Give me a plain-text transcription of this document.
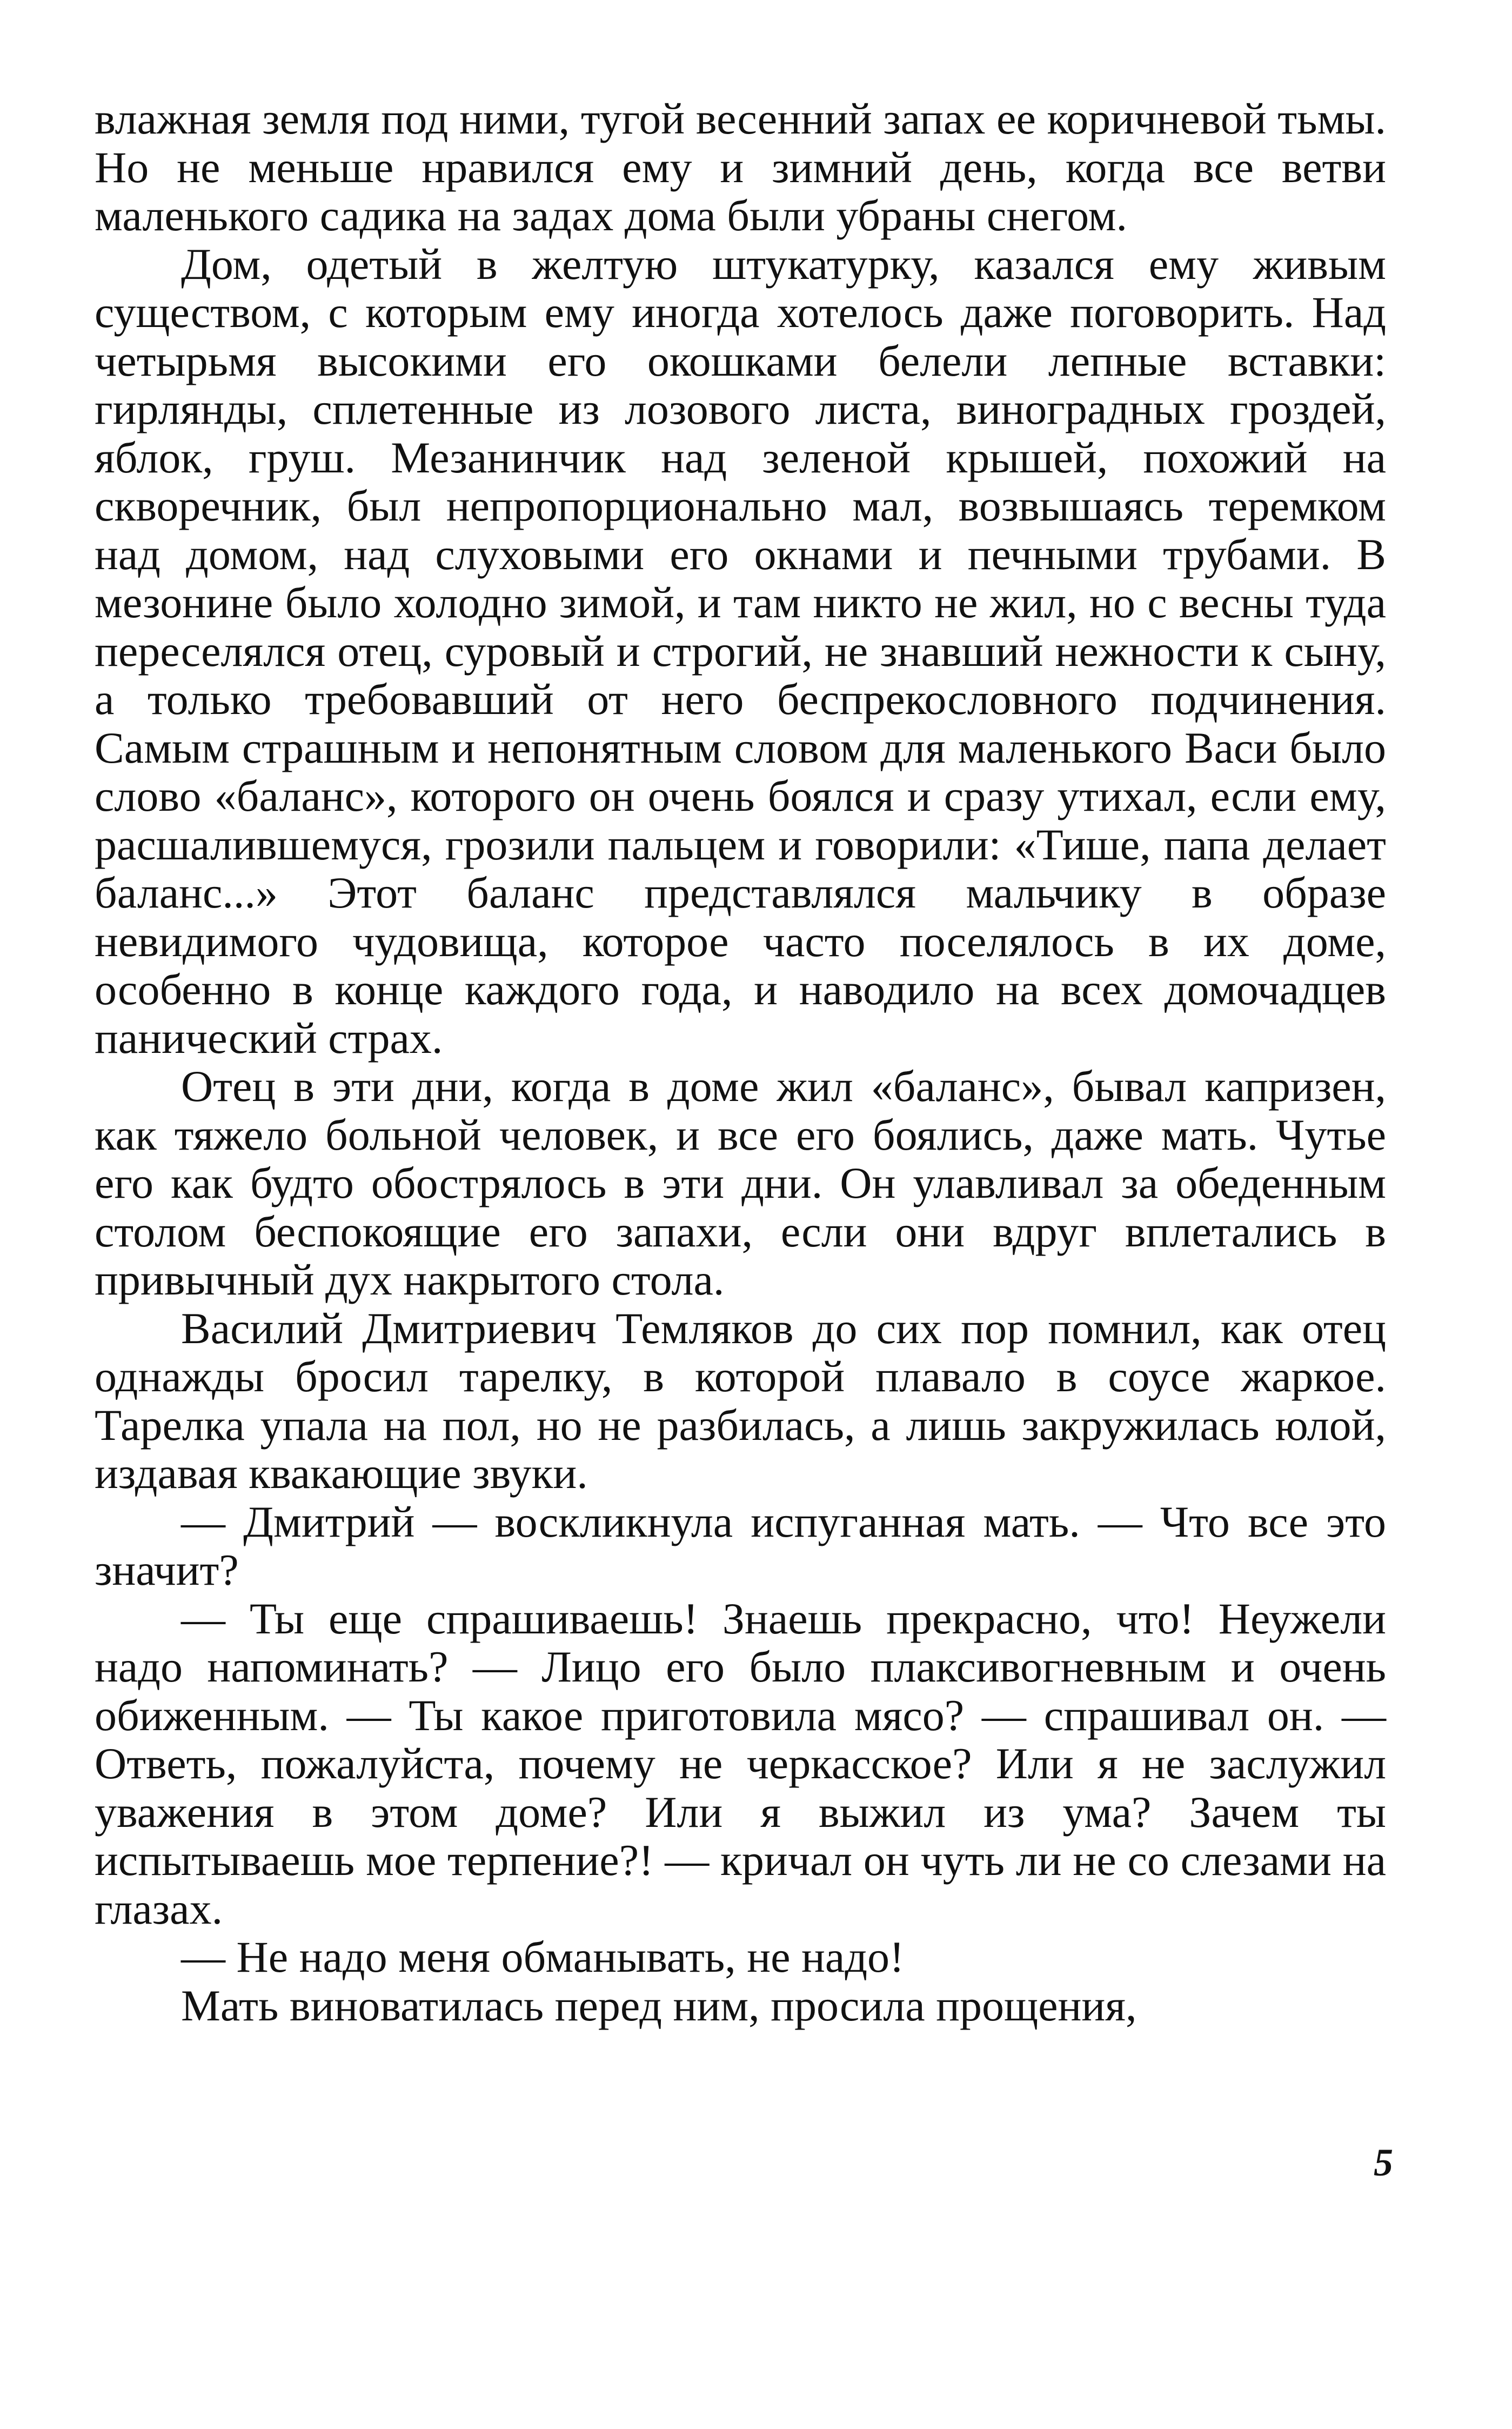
влажная земля под ними, тугой весенний запах ее коричневой тьмы. Но не меньше нравился ему и зимний день, когда все ветви маленького садика на задах дома были убраны снегом.

Дом, одетый в желтую штукатурку, казался ему живым существом, с которым ему иногда хотелось даже поговорить. Над четырьмя высокими его окошками белели лепные вставки: гирлянды, сплетенные из лозового листа, виноградных гроздей, яблок, груш. Мезанинчик над зеленой крышей, похожий на скворечник, был непропорционально мал, возвышаясь теремком над домом, над слуховыми его окнами и печными трубами. В мезонине было холодно зимой, и там никто не жил, но с весны туда переселялся отец, суровый и строгий, не знавший нежности к сыну, а только требовавший от него беспрекословного подчинения. Самым страшным и непонятным словом для маленького Васи было слово «баланс», которого он очень боялся и сразу утихал, если ему, расшалившемуся, грозили пальцем и говорили: «Тише, папа делает баланс...» Этот баланс представлялся мальчику в образе невидимого чудовища, которое часто поселялось в их доме, особенно в конце каждого года, и наводило на всех домочадцев панический страх.

Отец в эти дни, когда в доме жил «баланс», бывал капризен, как тяжело больной человек, и все его боялись, даже мать. Чутье его как будто обострялось в эти дни. Он улавливал за обеденным столом беспокоящие его запахи, если они вдруг вплетались в привычный дух накрытого стола.

Василий Дмитриевич Темляков до сих пор помнил, как отец однажды бросил тарелку, в которой плавало в соусе жаркое. Тарелка упала на пол, но не разбилась, а лишь закружилась юлой, издавая квакающие звуки.

— Дмитрий — воскликнула испуганная мать. — Что все это значит?

— Ты еще спрашиваешь! Знаешь прекрасно, что! Неужели надо напоминать? — Лицо его было плаксивогневным и очень обиженным. — Ты какое приготовила мясо? — спрашивал он. — Ответь, пожалуйста, почему не черкасское? Или я не заслужил уважения в этом доме? Или я выжил из ума? Зачем ты испытываешь мое терпение?! — кричал он чуть ли не со слезами на глазах.

— Не надо меня обманывать, не надо!

Мать виноватилась перед ним, просила прощения,

5
